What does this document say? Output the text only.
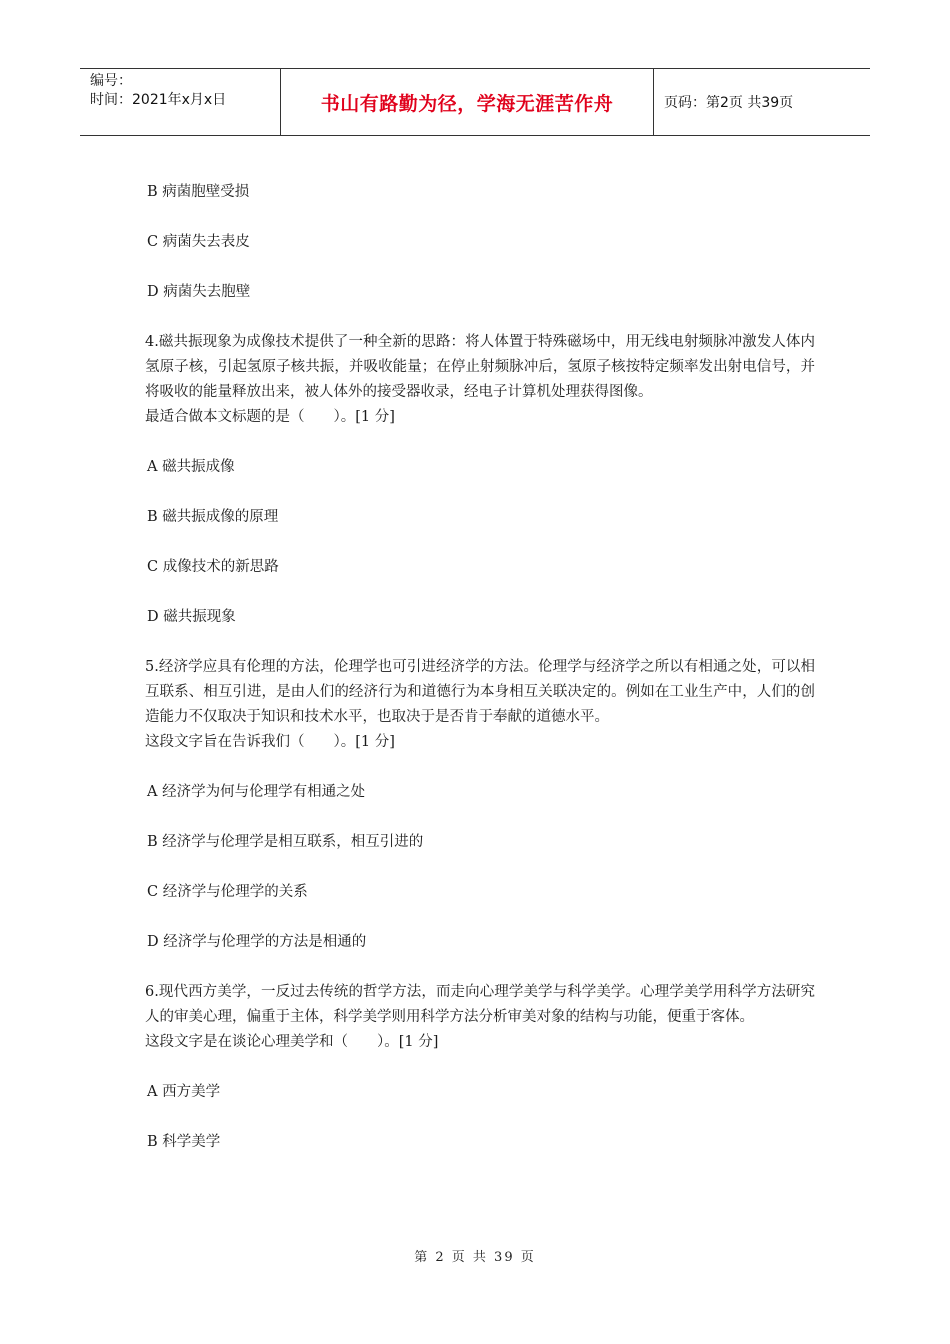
编号：
时间：2021年x月x日	书山有路勤为径，学海无涯苦作舟	页码：第2页 共39页
B 病菌胞壁受损
C 病菌失去表皮
D 病菌失去胞壁

4.磁共振现象为成像技术提供了一种全新的思路：将人体置于特殊磁场中，用无线电射频脉冲激发人体内氢原子核，引起氢原子核共振，并吸收能量；在停止射频脉冲后，氢原子核按特定频率发出射电信号，并将吸收的能量释放出来，被人体外的接受器收录，经电子计算机处理获得图像。

最适合做本文标题的是（　　）。[1 分]

A 磁共振成像
B 磁共振成像的原理
C 成像技术的新思路
D 磁共振现象

5.经济学应具有伦理的方法，伦理学也可引进经济学的方法。伦理学与经济学之所以有相通之处，可以相互联系、相互引进，是由人们的经济行为和道德行为本身相互关联决定的。例如在工业生产中，人们的创造能力不仅取决于知识和技术水平，也取决于是否肯于奉献的道德水平。

这段文字旨在告诉我们（　　）。[1 分]

A 经济学为何与伦理学有相通之处
B 经济学与伦理学是相互联系，相互引进的
C 经济学与伦理学的关系
D 经济学与伦理学的方法是相通的

6.现代西方美学，一反过去传统的哲学方法，而走向心理学美学与科学美学。心理学美学用科学方法研究人的审美心理，偏重于主体，科学美学则用科学方法分析审美对象的结构与功能，便重于客体。

这段文字是在谈论心理美学和（　　）。[1 分]

A 西方美学
B 科学美学
第 2 页 共 39 页
